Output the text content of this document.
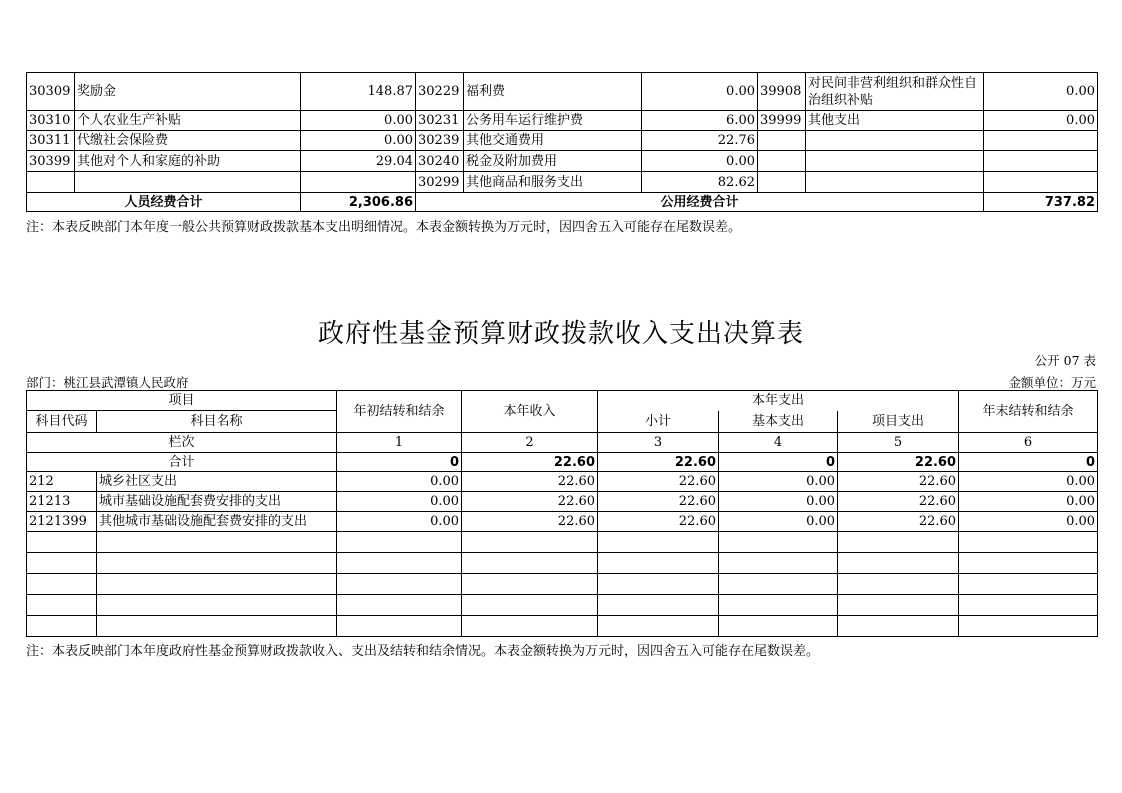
30309	奖励金	148.87	30229	福利费	0.00	39908	对民间非营利组织和群众性自治组织补贴	0.00
30310	个人农业生产补贴	0.00	30231	公务用车运行维护费	6.00	39999	其他支出	0.00
30311	代缴社会保险费	0.00	30239	其他交通费用	22.76			
30399	其他对个人和家庭的补助	29.04	30240	税金及附加费用	0.00			
			30299	其他商品和服务支出	82.62			
人员经费合计		2,306.86	公用经费合计					737.82
注：本表反映部门本年度一般公共预算财政拨款基本支出明细情况。本表金额转换为万元时，因四舍五入可能存在尾数误差。
政府性基金预算财政拨款收入支出决算表
公开 07 表
部门：桃江县武潭镇人民政府	金额单位：万元
项目		年初结转和结余	本年收入	本年支出			年末结转和结余
科目代码	科目名称			小计	基本支出	项目支出	
栏次		1	2	3	4	5	6
合计		0	22.60	22.60	0	22.60	0
212	城乡社区支出	0.00	22.60	22.60	0.00	22.60	0.00
21213	城市基础设施配套费安排的支出	0.00	22.60	22.60	0.00	22.60	0.00
2121399	其他城市基础设施配套费安排的支出	0.00	22.60	22.60	0.00	22.60	0.00

注：本表反映部门本年度政府性基金预算财政拨款收入、支出及结转和结余情况。本表金额转换为万元时，因四舍五入可能存在尾数误差。
